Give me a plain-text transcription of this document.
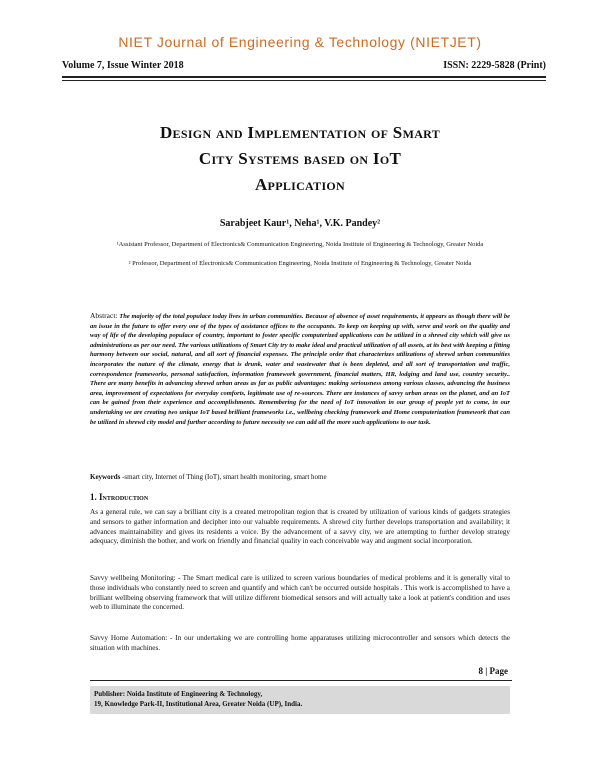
NIET Journal of Engineering & Technology (NIETJET)
Volume 7, Issue Winter 2018	ISSN: 2229-5828 (Print)
Design and Implementation of Smart
City Systems based on IoT
Application
Sarabjeet Kaur¹, Neha¹, V.K. Pandey²
¹Assistant Professor, Department of Electronics& Communication Engineering, Noida Institute of Engineering & Technology, Greater Noida
² Professor, Department of Electronics& Communication Engineering, Noida Institute of Engineering & Technology, Greater Noida
Abstract: The majority of the total populace today lives in urban communities. Because of absence of asset requirements, it appears as though there will be an issue in the future to offer every one of the types of assistance offices to the occupants. To keep on keeping up with, serve and work on the quality and way of life of the developing populace of country, important to foster specific computerized applications can be utilized in a shrewd city which will give us administrations as per our need. The various utilizations of Smart City try to make ideal and practical utilization of all assets, at its best with keeping a fitting harmony between our social, natural, and all sort of financial expenses. The principle order that characterizes utilizations of shrewd urban communities incorporates the nature of the climate, energy that is drunk, water and wastewater that is been depleted, and all sort of transportation and traffic, correspondence frameworks, personal satisfaction, information framework government, financial matters, HR, lodging and land use, country security.. There are many benefits in advancing shrewd urban areas as far as public advantages: making seriousness among various classes, advancing the business area, improvement of expectations for everyday comforts, legitimate use of re-sources. There are instances of savvy urban areas on the planet, and an IoT can be gained from their experience and accomplishments. Remembering for the need of IoT innovation in our group of people yet to come, in our undertaking we are creating two unique IoT based brilliant frameworks i.e., wellbeing checking framework and Home computerization framework that can be utilized in shrewd city model and further according to future necessity we can add all the more such applications to our task.
Keywords -smart city, Internet of Thing (IoT), smart health monitoring, smart home
1. Introduction
As a general rule, we can say a brilliant city is a created metropolitan region that is created by utilization of various kinds of gadgets strategies and sensors to gather information and decipher into our valuable requirements. A shrewd city further develops transportation and availability; it advances maintainability and gives its residents a voice. By the advancement of a savvy city, we are attempting to further develop strategy adequacy, diminish the bother, and work on friendly and financial quality in each conceivable way and augment social incorporation.
Savvy wellbeing Monitoring: - The Smart medical care is utilized to screen various boundaries of medical problems and it is generally vital to those individuals who constantly need to screen and quantify and which can't be occurred outside hospitals . This work is accomplished to have a brilliant wellbeing observing framework that will utilize different biomedical sensors and will actually take a look at patient's condition and uses web to illuminate the concerned.
Savvy Home Automation: - In our undertaking we are controlling home apparatuses utilizing microcontroller and sensors which detects the situation with machines.
8 | Page
Publisher: Noida Institute of Engineering & Technology,
19, Knowledge Park-II, Institutional Area, Greater Noida (UP), India.
